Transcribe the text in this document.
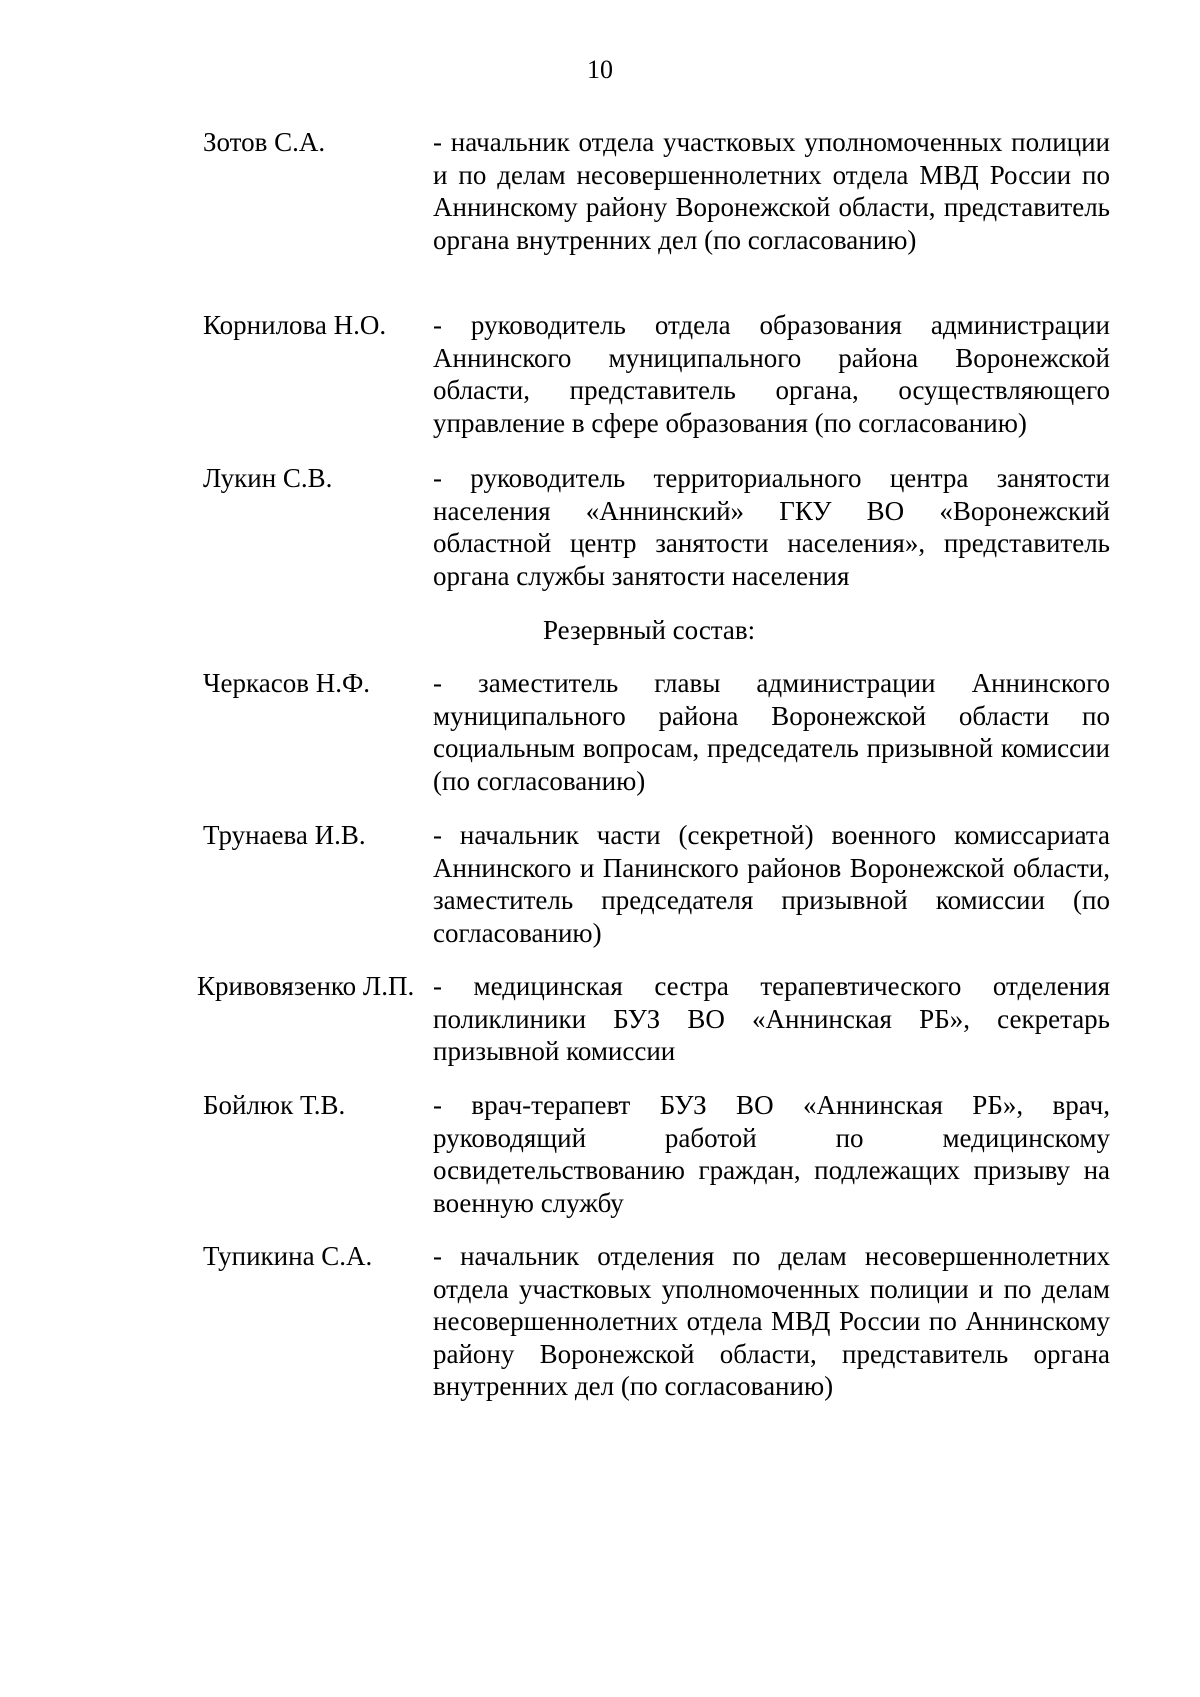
10
Зотов С.А.	- начальник отдела участковых уполномоченных полиции и по делам несовершеннолетних отдела МВД России по Аннинскому району Воронежской области, представитель органа внутренних дел (по согласованию)
Корнилова Н.О. - руководитель отдела образования администрации Аннинского муниципального района Воронежской области, представитель органа, осуществляющего управление в сфере образования (по согласованию)
Лукин С.В.	- руководитель территориального центра занятости населения «Аннинский» ГКУ ВО «Воронежский областной центр занятости населения», представитель органа службы занятости населения
Резервный состав:
Черкасов Н.Ф. - заместитель главы администрации Аннинского муниципального района Воронежской области по социальным вопросам, председатель призывной комиссии (по согласованию)
Трунаева И.В. - начальник части (секретной) военного комиссариата Аннинского и Панинского районов Воронежской области, заместитель председателя призывной комиссии (по согласованию)
Кривовязенко Л.П. - медицинская сестра терапевтического отделения поликлиники БУЗ ВО «Аннинская РБ», секретарь призывной комиссии
Бойлюк Т.В.	- врач-терапевт БУЗ ВО «Аннинская РБ», врач, руководящий работой по медицинскому освидетельствованию граждан, подлежащих призыву на военную службу
Тупикина С.А. - начальник отделения по делам несовершеннолетних отдела участковых уполномоченных полиции и по делам несовершеннолетних отдела МВД России по Аннинскому району Воронежской области, представитель органа внутренних дел (по согласованию)
